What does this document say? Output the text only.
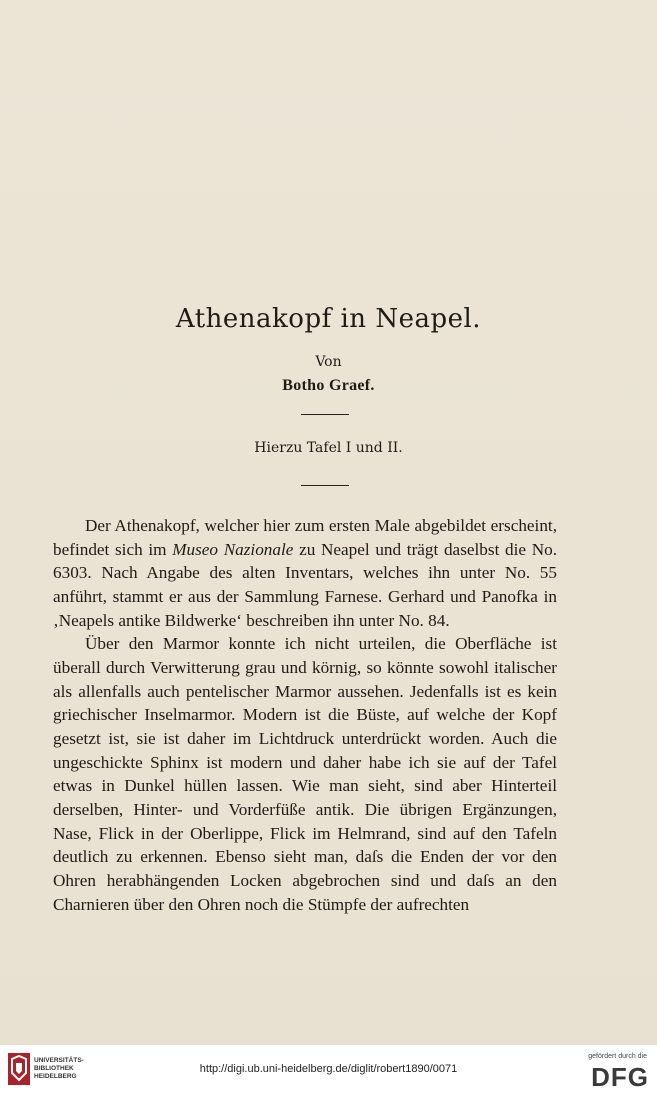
Athenakopf in Neapel.
Von
Botho Graef.
Hierzu Tafel I und II.

Der Athenakopf, welcher hier zum ersten Male abgebildet erscheint, befindet sich im Museo Nazionale zu Neapel und trägt daselbst die No. 6303. Nach Angabe des alten Inventars, welches ihn unter No. 55 anführt, stammt er aus der Sammlung Farnese. Gerhard und Panofka in ‚Neapels antike Bildwerke‘ beschreiben ihn unter No. 84.

Über den Marmor konnte ich nicht urteilen, die Oberfläche ist überall durch Verwitterung grau und körnig, so könnte sowohl italischer als allenfalls auch pentelischer Marmor aussehen. Jedenfalls ist es kein griechischer Inselmarmor. Modern ist die Büste, auf welche der Kopf gesetzt ist, sie ist daher im Lichtdruck unterdrückt worden. Auch die ungeschickte Sphinx ist modern und daher habe ich sie auf der Tafel etwas in Dunkel hüllen lassen. Wie man sieht, sind aber Hinterteil derselben, Hinter- und Vorderfüße antik. Die übrigen Ergänzungen, Nase, Flick in der Oberlippe, Flick im Helmrand, sind auf den Tafeln deutlich zu erkennen. Ebenso sieht man, daſs die Enden der vor den Ohren herabhängenden Locken abgebrochen sind und daſs an den Charnieren über den Ohren noch die Stümpfe der aufrechten

UNIVERSITÄTS-
BIBLIOTHEK
HEIDELBERG
http://digi.ub.uni-heidelberg.de/diglit/robert1890/0071
gefördert durch die
DFG
